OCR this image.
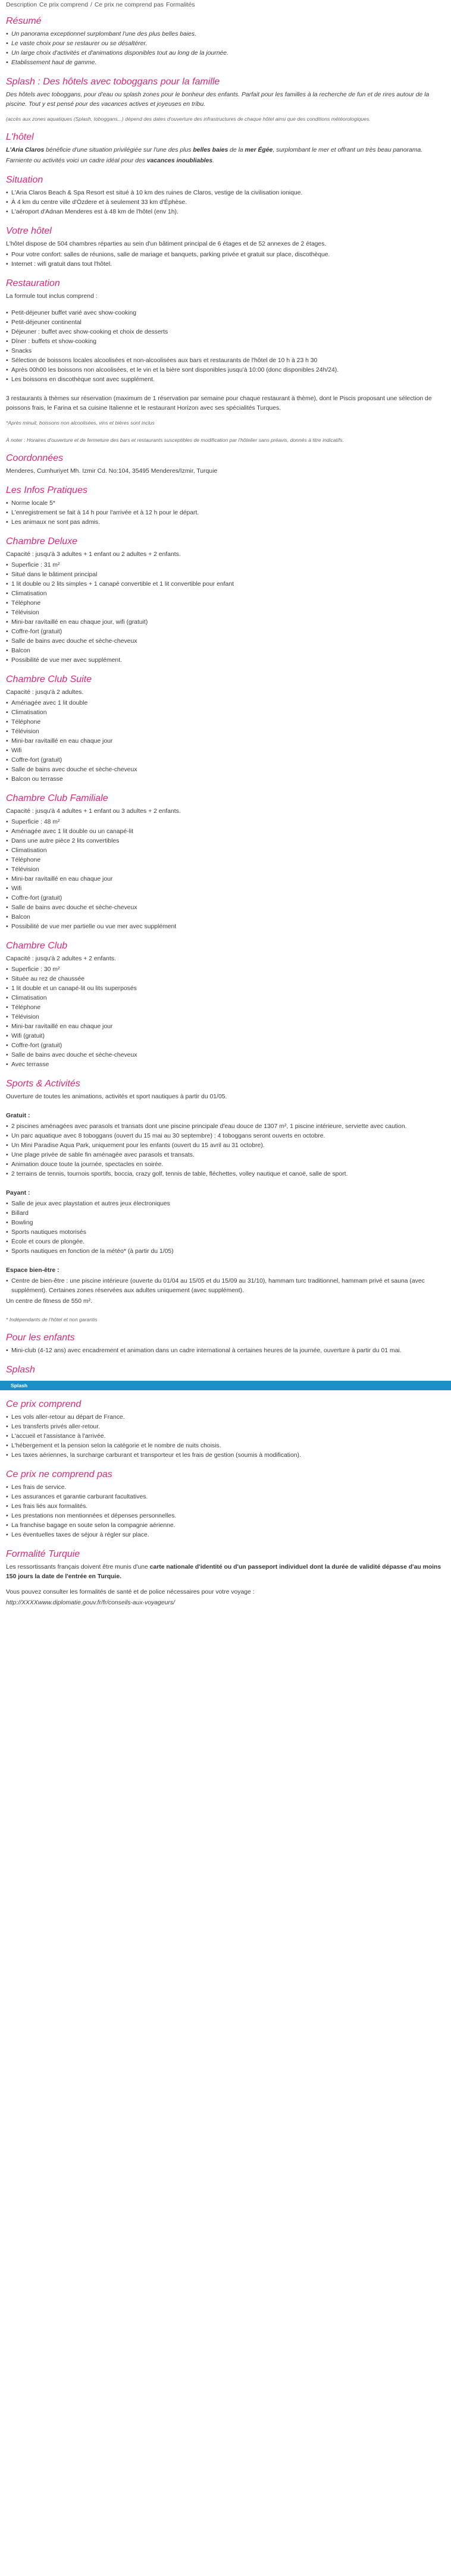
Description Ce prix comprend / Ce prix ne comprend pas Formalités
Résumé
• Un panorama exceptionnel surplombant l'une des plus belles baies.
• Le vaste choix pour se restaurer ou se désaltérer.
• Un large choix d'activités et d'animations disponibles tout au long de la journée.
• Etablissement haut de gamme.
Splash : Des hôtels avec toboggans pour la famille

Des hôtels avec toboggans, pour d'eau ou splash zones pour le bonheur des enfants. Parfait pour les familles à la recherche de fun et de rires autour de la piscine. Tout y est pensé pour des vacances actives et joyeuses en tribu.

(accès aux zones aquatiques (Splash, toboggans...) dépend des dates d'ouverture des infrastructures de chaque hôtel ainsi que des conditions météorologiques.

L'hôtel

L'Aria Claros bénéficie d'une situation privilégiée sur l'une des plus belles baies de la mer Égée, surplombant le mer et offrant un très beau panorama.

Farniente ou activités voici un cadre idéal pour des vacances inoubliables.

Situation
• L'Aria Claros Beach & Spa Resort est situé à 10 km des ruines de Claros, vestige de la civilisation ionique.
• À 4 km du centre ville d'Özdere et à seulement 33 km d'Éphèse.
• L'aéroport d'Adnan Menderes est à 48 km de l'hôtel (env 1h).
Votre hôtel

L'hôtel dispose de 504 chambres réparties au sein d'un bâtiment principal de 6 étages et de 52 annexes de 2 étages.

• Pour votre confort: salles de réunions, salle de mariage et banquets, parking privée et gratuit sur place, discothèque.
• Internet : wifi gratuit dans tout l'hôtel.
Restauration

La formule tout inclus comprend :

• Petit-déjeuner buffet varié avec show-cooking
• Petit-déjeuner continental
• Déjeuner : buffet avec show-cooking et choix de desserts
• Dîner : buffets et show-cooking
• Snacks
• Sélection de boissons locales alcoolisées et non-alcoolisées aux bars et restaurants de l'hôtel de 10 h à 23 h 30
• Après 00h00 les boissons non alcoolisées, et le vin et la bière sont disponibles jusqu'à 10:00 (donc disponibles 24h/24).
• Les boissons en discothèque sont avec supplément.

3 restaurants à thèmes sur réservation (maximum de 1 réservation par semaine pour chaque restaurant à thème), dont le Piscis proposant une sélection de poissons frais, le Farina et sa cuisine Italienne et le restaurant Horizon avec ses spécialités Turques.

*Après minuit, boissons non alcoolisées, vins et bières sont inclus

À noter : Horaires d'ouverture et de fermeture des bars et restaurants susceptibles de modification par l'hôtelier sans préavis, donnés à titre indicatifs.

Coordonnées

Menderes, Cumhuriyet Mh. Izmir Cd. No:104, 35495 Menderes/Izmir, Turquie

Les Infos Pratiques
• Norme locale 5*
• L'enregistrement se fait à 14 h pour l'arrivée et à 12 h pour le départ.
• Les animaux ne sont pas admis.
Chambre Deluxe

Capacité : jusqu'à 3 adultes + 1 enfant ou 2 adultes + 2 enfants.

• Superficie : 31 m²
• Situé dans le bâtiment principal
• 1 lit double ou 2 lits simples + 1 canapé convertible et 1 lit convertible pour enfant
• Climatisation
• Téléphone
• Télévision
• Mini-bar ravitaillé en eau chaque jour, wifi (gratuit)
• Coffre-fort (gratuit)
• Salle de bains avec douche et sèche-cheveux
• Balcon
• Possibilité de vue mer avec supplément.
Chambre Club Suite

Capacité : jusqu'à 2 adultes.

• Aménagée avec 1 lit double
• Climatisation
• Téléphone
• Télévision
• Mini-bar ravitaillé en eau chaque jour
• Wifi
• Coffre-fort (gratuit)
• Salle de bains avec douche et sèche-cheveux
• Balcon ou terrasse
Chambre Club Familiale

Capacité : jusqu'à 4 adultes + 1 enfant ou 3 adultes + 2 enfants.

• Superficie : 48 m²
• Aménagée avec 1 lit double ou un canapé-lit
• Dans une autre pièce 2 lits convertibles
• Climatisation
• Téléphone
• Télévision
• Mini-bar ravitaillé en eau chaque jour
• Wifi
• Coffre-fort (gratuit)
• Salle de bains avec douche et sèche-cheveux
• Balcon
• Possibilité de vue mer partielle ou vue mer avec supplément
Chambre Club

Capacité : jusqu'à 2 adultes + 2 enfants.

• Superficie : 30 m²
• Située au rez de chaussée
• 1 lit double et un canapé-lit ou lits superposés
• Climatisation
• Téléphone
• Télévision
• Mini-bar ravitaillé en eau chaque jour
• Wifi (gratuit)
• Coffre-fort (gratuit)
• Salle de bains avec douche et sèche-cheveux
• Avec terrasse
Sports & Activités

Ouverture de toutes les animations, activités et sport nautiques à partir du 01/05.

Gratuit :

• 2 piscines aménagées avec parasols et transats dont une piscine principale d'eau douce de 1307 m², 1 piscine intérieure, serviette avec caution.
• Un parc aquatique avec 8 toboggans (ouvert du 15 mai au 30 septembre) : 4 toboggans seront ouverts en octobre.
• Un Mini Paradise Aqua Park, uniquement pour les enfants (ouvert du 15 avril au 31 octobre).
• Une plage privée de sable fin aménagée avec parasols et transats.
• Animation douce toute la journée, spectacles en soirée.
• 2 terrains de tennis, tournois sportifs, boccia, crazy golf, tennis de table, fléchettes, volley nautique et canoë, salle de sport.

Payant :

• Salle de jeux avec playstation et autres jeux électroniques
• Billard
• Bowling
• Sports nautiques motorisés
• École et cours de plongée.
• Sports nautiques en fonction de la météo* (à partir du 1/05)

Espace bien-être :

• Centre de bien-être : une piscine intérieure (ouverte du 01/04 au 15/05 et du 15/09 au 31/10), hammam turc traditionnel, hammam privé et sauna (avec supplément). Certaines zones réservées aux adultes uniquement (avec supplément).

Un centre de fitness de 550 m².

* Indépendants de l'hôtel et non garantis

Pour les enfants
• Mini-club (4-12 ans) avec encadrement et animation dans un cadre international à certaines heures de la journée, ouverture à partir du 01 mai.
Splash
Splash
Ce prix comprend
• Les vols aller-retour au départ de France.
• Les transferts privés aller-retour.
• L'accueil et l'assistance à l'arrivée.
• L'hébergement et la pension selon la catégorie et le nombre de nuits choisis.
• Les taxes aériennes, la surcharge carburant et transporteur et les frais de gestion (soumis à modification).
Ce prix ne comprend pas
• Les frais de service.
• Les assurances et garantie carburant facultatives.
• Les frais liés aux formalités.
• Les prestations non mentionnées et dépenses personnelles.
• La franchise bagage en soute selon la compagnie aérienne.
• Les éventuelles taxes de séjour à régler sur place.
Formalité Turquie

Les ressortissants français doivent être munis d'une carte nationale d'identité ou d'un passeport individuel dont la durée de validité dépasse d'au moins 150 jours la date de l'entrée en Turquie.

Vous pouvez consulter les formalités de santé et de police nécessaires pour votre voyage :

http://XXXXwww.diplomatie.gouv.fr/fr/conseils-aux-voyageurs/
